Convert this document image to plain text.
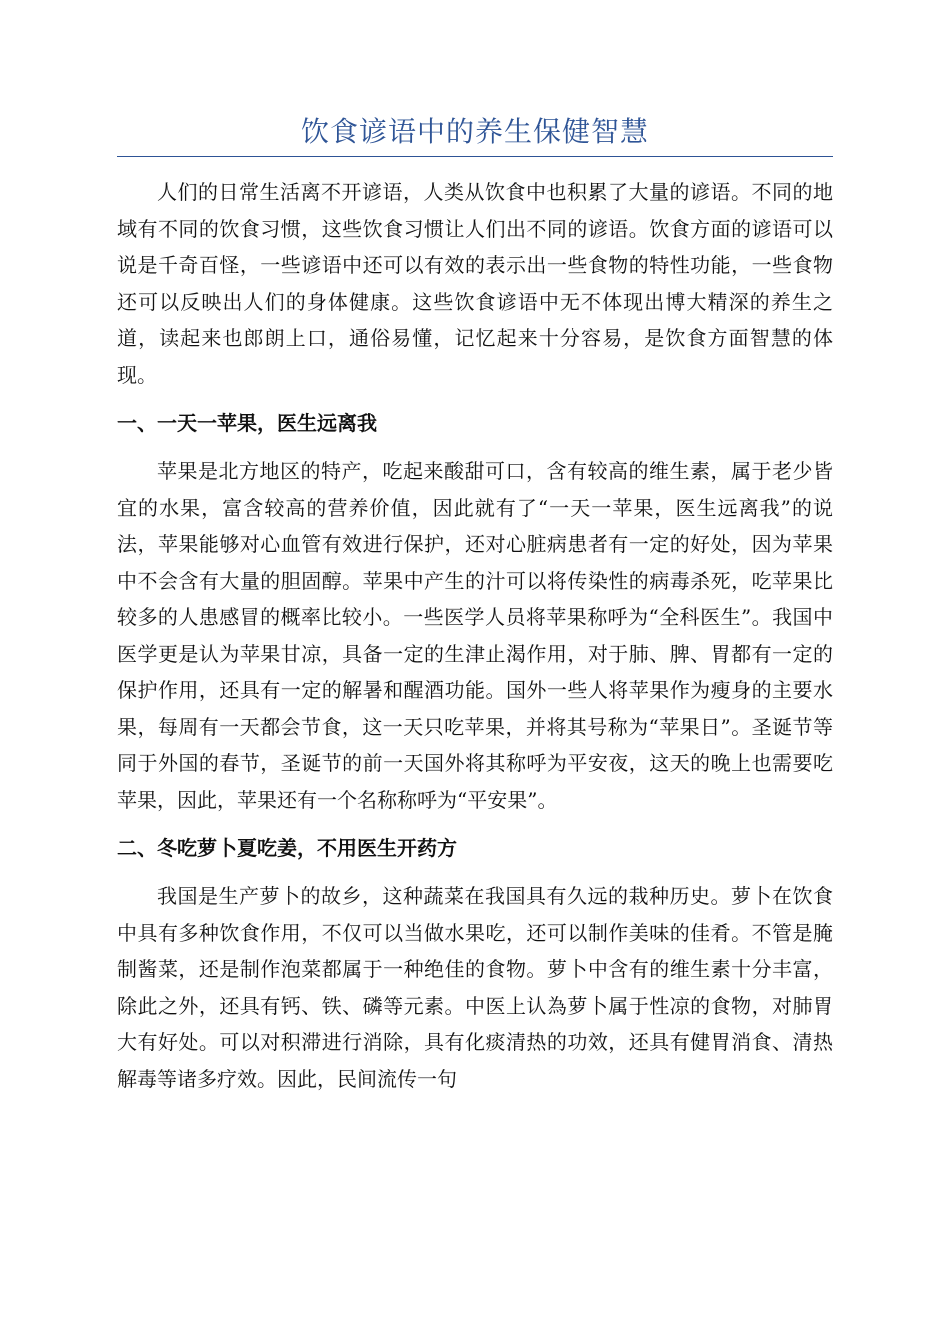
饮食谚语中的养生保健智慧

人们的日常生活离不开谚语，人类从饮食中也积累了大量的谚语。不同的地域有不同的饮食习惯，这些饮食习惯让人们出不同的谚语。饮食方面的谚语可以说是千奇百怪，一些谚语中还可以有效的表示出一些食物的特性功能，一些食物还可以反映出人们的身体健康。这些饮食谚语中无不体现出博大精深的养生之道，读起来也郎朗上口，通俗易懂，记忆起来十分容易，是饮食方面智慧的体现。

一、一天一苹果，医生远离我

苹果是北方地区的特产，吃起来酸甜可口，含有较高的维生素，属于老少皆宜的水果，富含较高的营养价值，因此就有了“一天一苹果，医生远离我”的说法，苹果能够对心血管有效进行保护，还对心脏病患者有一定的好处，因为苹果中不会含有大量的胆固醇。苹果中产生的汁可以将传染性的病毒杀死，吃苹果比较多的人患感冒的概率比较小。一些医学人员将苹果称呼为“全科医生”。我国中医学更是认为苹果甘凉，具备一定的生津止渴作用，对于肺、脾、胃都有一定的保护作用，还具有一定的解暑和醒酒功能。国外一些人将苹果作为瘦身的主要水果，每周有一天都会节食，这一天只吃苹果，并将其号称为“苹果日”。圣诞节等同于外国的春节，圣诞节的前一天国外将其称呼为平安夜，这天的晚上也需要吃苹果，因此，苹果还有一个名称称呼为“平安果”。

二、冬吃萝卜夏吃姜，不用医生开药方

我国是生产萝卜的故乡，这种蔬菜在我国具有久远的栽种历史。萝卜在饮食中具有多种饮食作用，不仅可以当做水果吃，还可以制作美味的佳肴。不管是腌制酱菜，还是制作泡菜都属于一种绝佳的食物。萝卜中含有的维生素十分丰富，除此之外，还具有钙、铁、磷等元素。中医上认為萝卜属于性凉的食物，对肺胃大有好处。可以对积滞进行消除，具有化痰清热的功效，还具有健胃消食、清热解毒等诸多疗效。因此，民间流传一句
